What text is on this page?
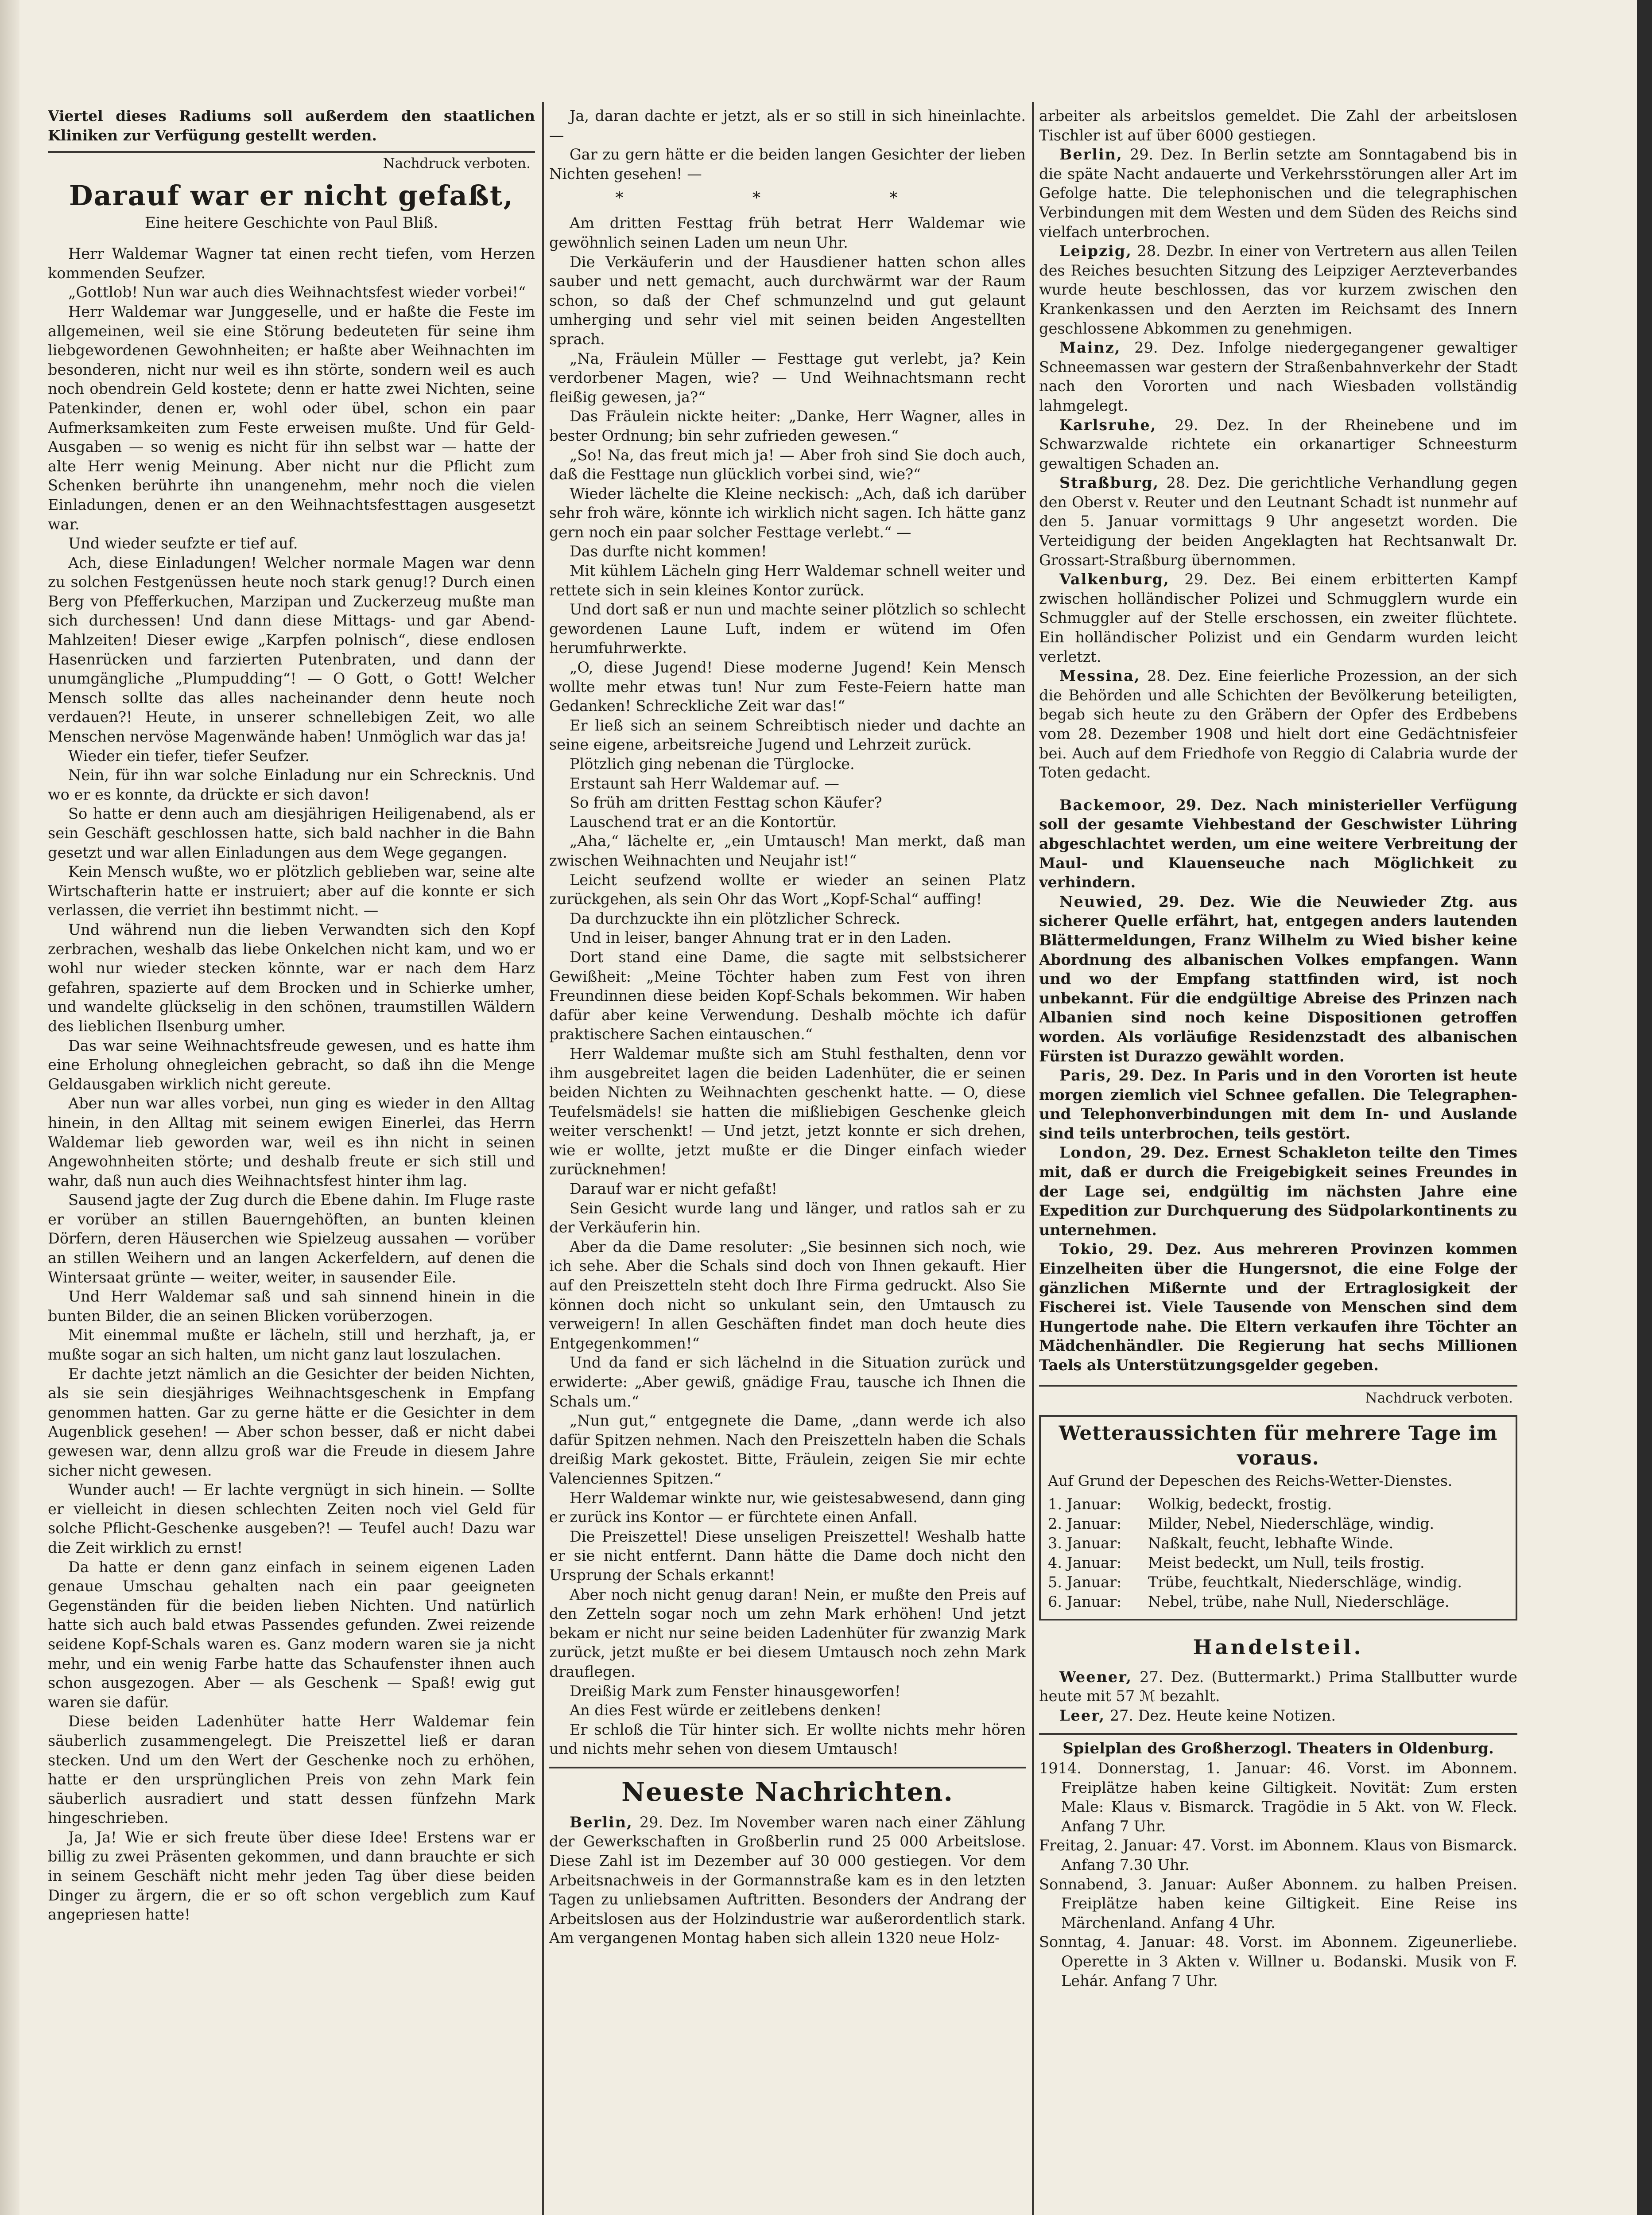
Viertel dieses Radiums soll außerdem den staatlichen Kliniken zur Verfügung gestellt werden.

Nachdruck verboten.
Darauf war er nicht gefaßt,
Eine heitere Geschichte von Paul Bliß.

Herr Waldemar Wagner tat einen recht tiefen, vom Herzen kommenden Seufzer.

„Gottlob! Nun war auch dies Weihnachtsfest wieder vorbei!“

Herr Waldemar war Junggeselle, und er haßte die Feste im allgemeinen, weil sie eine Störung bedeuteten für seine ihm liebgewordenen Gewohnheiten; er haßte aber Weihnachten im besonderen, nicht nur weil es ihn störte, sondern weil es auch noch obendrein Geld kostete; denn er hatte zwei Nichten, seine Patenkinder, denen er, wohl oder übel, schon ein paar Aufmerksamkeiten zum Feste erweisen mußte. Und für Geld-Ausgaben — so wenig es nicht für ihn selbst war — hatte der alte Herr wenig Meinung. Aber nicht nur die Pflicht zum Schenken berührte ihn unangenehm, mehr noch die vielen Einladungen, denen er an den Weihnachtsfesttagen ausgesetzt war.

Und wieder seufzte er tief auf.

Ach, diese Einladungen! Welcher normale Magen war denn zu solchen Festgenüssen heute noch stark genug!? Durch einen Berg von Pfefferkuchen, Marzipan und Zuckerzeug mußte man sich durchessen! Und dann diese Mittags- und gar Abend-Mahlzeiten! Dieser ewige „Karpfen polnisch“, diese endlosen Hasenrücken und farzierten Putenbraten, und dann der unumgängliche „Plumpudding“! — O Gott, o Gott! Welcher Mensch sollte das alles nacheinander denn heute noch verdauen?! Heute, in unserer schnellebigen Zeit, wo alle Menschen nervöse Magenwände haben! Unmöglich war das ja!

Wieder ein tiefer, tiefer Seufzer.

Nein, für ihn war solche Einladung nur ein Schrecknis. Und wo er es konnte, da drückte er sich davon!

So hatte er denn auch am diesjährigen Heiligenabend, als er sein Geschäft geschlossen hatte, sich bald nachher in die Bahn gesetzt und war allen Einladungen aus dem Wege gegangen.

Kein Mensch wußte, wo er plötzlich geblieben war, seine alte Wirtschafterin hatte er instruiert; aber auf die konnte er sich verlassen, die verriet ihn bestimmt nicht. —

Und während nun die lieben Verwandten sich den Kopf zerbrachen, weshalb das liebe Onkelchen nicht kam, und wo er wohl nur wieder stecken könnte, war er nach dem Harz gefahren, spazierte auf dem Brocken und in Schierke umher, und wandelte glückselig in den schönen, traumstillen Wäldern des lieblichen Ilsenburg umher.

Das war seine Weihnachtsfreude gewesen, und es hatte ihm eine Erholung ohnegleichen gebracht, so daß ihn die Menge Geldausgaben wirklich nicht gereute.

Aber nun war alles vorbei, nun ging es wieder in den Alltag hinein, in den Alltag mit seinem ewigen Einerlei, das Herrn Waldemar lieb geworden war, weil es ihn nicht in seinen Angewohnheiten störte; und deshalb freute er sich still und wahr, daß nun auch dies Weihnachtsfest hinter ihm lag.

Sausend jagte der Zug durch die Ebene dahin. Im Fluge raste er vorüber an stillen Bauerngehöften, an bunten kleinen Dörfern, deren Häuserchen wie Spielzeug aussahen — vorüber an stillen Weihern und an langen Ackerfeldern, auf denen die Wintersaat grünte — weiter, weiter, in sausender Eile.

Und Herr Waldemar saß und sah sinnend hinein in die bunten Bilder, die an seinen Blicken vorüberzogen.

Mit einemmal mußte er lächeln, still und herzhaft, ja, er mußte sogar an sich halten, um nicht ganz laut loszulachen.

Er dachte jetzt nämlich an die Gesichter der beiden Nichten, als sie sein diesjähriges Weihnachtsgeschenk in Empfang genommen hatten. Gar zu gerne hätte er die Gesichter in dem Augenblick gesehen! — Aber schon besser, daß er nicht dabei gewesen war, denn allzu groß war die Freude in diesem Jahre sicher nicht gewesen.

Wunder auch! — Er lachte vergnügt in sich hinein. — Sollte er vielleicht in diesen schlechten Zeiten noch viel Geld für solche Pflicht-Geschenke ausgeben?! — Teufel auch! Dazu war die Zeit wirklich zu ernst!

Da hatte er denn ganz einfach in seinem eigenen Laden genaue Umschau gehalten nach ein paar geeigneten Gegenständen für die beiden lieben Nichten. Und natürlich hatte sich auch bald etwas Passendes gefunden. Zwei reizende seidene Kopf-Schals waren es. Ganz modern waren sie ja nicht mehr, und ein wenig Farbe hatte das Schaufenster ihnen auch schon ausgezogen. Aber — als Geschenk — Spaß! ewig gut waren sie dafür.

Diese beiden Ladenhüter hatte Herr Waldemar fein säuberlich zusammengelegt. Die Preiszettel ließ er daran stecken. Und um den Wert der Geschenke noch zu erhöhen, hatte er den ursprünglichen Preis von zehn Mark fein säuberlich ausradiert und statt dessen fünfzehn Mark hingeschrieben.

Ja, Ja! Wie er sich freute über diese Idee! Erstens war er billig zu zwei Präsenten gekommen, und dann brauchte er sich in seinem Geschäft nicht mehr jeden Tag über diese beiden Dinger zu ärgern, die er so oft schon vergeblich zum Kauf angepriesen hatte!

Ja, daran dachte er jetzt, als er so still in sich hineinlachte. —

Gar zu gern hätte er die beiden langen Gesichter der lieben Nichten gesehen! —

* * *

Am dritten Festtag früh betrat Herr Waldemar wie gewöhnlich seinen Laden um neun Uhr.

Die Verkäuferin und der Hausdiener hatten schon alles sauber und nett gemacht, auch durchwärmt war der Raum schon, so daß der Chef schmunzelnd und gut gelaunt umherging und sehr viel mit seinen beiden Angestellten sprach.

„Na, Fräulein Müller — Festtage gut verlebt, ja? Kein verdorbener Magen, wie? — Und Weihnachtsmann recht fleißig gewesen, ja?“

Das Fräulein nickte heiter: „Danke, Herr Wagner, alles in bester Ordnung; bin sehr zufrieden gewesen.“

„So! Na, das freut mich ja! — Aber froh sind Sie doch auch, daß die Festtage nun glücklich vorbei sind, wie?“

Wieder lächelte die Kleine neckisch: „Ach, daß ich darüber sehr froh wäre, könnte ich wirklich nicht sagen. Ich hätte ganz gern noch ein paar solcher Festtage verlebt.“ —

Das durfte nicht kommen!

Mit kühlem Lächeln ging Herr Waldemar schnell weiter und rettete sich in sein kleines Kontor zurück.

Und dort saß er nun und machte seiner plötzlich so schlecht gewordenen Laune Luft, indem er wütend im Ofen herumfuhrwerkte.

„O, diese Jugend! Diese moderne Jugend! Kein Mensch wollte mehr etwas tun! Nur zum Feste-Feiern hatte man Gedanken! Schreckliche Zeit war das!“

Er ließ sich an seinem Schreibtisch nieder und dachte an seine eigene, arbeitsreiche Jugend und Lehrzeit zurück.

Plötzlich ging nebenan die Türglocke.

Erstaunt sah Herr Waldemar auf. —

So früh am dritten Festtag schon Käufer?

Lauschend trat er an die Kontortür.

„Aha,“ lächelte er, „ein Umtausch! Man merkt, daß man zwischen Weihnachten und Neujahr ist!“

Leicht seufzend wollte er wieder an seinen Platz zurückgehen, als sein Ohr das Wort „Kopf-Schal“ auffing!

Da durchzuckte ihn ein plötzlicher Schreck.

Und in leiser, banger Ahnung trat er in den Laden.

Dort stand eine Dame, die sagte mit selbstsicherer Gewißheit: „Meine Töchter haben zum Fest von ihren Freundinnen diese beiden Kopf-Schals bekommen. Wir haben dafür aber keine Verwendung. Deshalb möchte ich dafür praktischere Sachen eintauschen.“

Herr Waldemar mußte sich am Stuhl festhalten, denn vor ihm ausgebreitet lagen die beiden Ladenhüter, die er seinen beiden Nichten zu Weihnachten geschenkt hatte. — O, diese Teufelsmädels! sie hatten die mißliebigen Geschenke gleich weiter verschenkt! — Und jetzt, jetzt konnte er sich drehen, wie er wollte, jetzt mußte er die Dinger einfach wieder zurücknehmen!

Darauf war er nicht gefaßt!

Sein Gesicht wurde lang und länger, und ratlos sah er zu der Verkäuferin hin.

Aber da die Dame resoluter: „Sie besinnen sich noch, wie ich sehe. Aber die Schals sind doch von Ihnen gekauft. Hier auf den Preiszetteln steht doch Ihre Firma gedruckt. Also Sie können doch nicht so unkulant sein, den Umtausch zu verweigern! In allen Geschäften findet man doch heute dies Entgegenkommen!“

Und da fand er sich lächelnd in die Situation zurück und erwiderte: „Aber gewiß, gnädige Frau, tausche ich Ihnen die Schals um.“

„Nun gut,“ entgegnete die Dame, „dann werde ich also dafür Spitzen nehmen. Nach den Preiszetteln haben die Schals dreißig Mark gekostet. Bitte, Fräulein, zeigen Sie mir echte Valenciennes Spitzen.“

Herr Waldemar winkte nur, wie geistesabwesend, dann ging er zurück ins Kontor — er fürchtete einen Anfall.

Die Preiszettel! Diese unseligen Preiszettel! Weshalb hatte er sie nicht entfernt. Dann hätte die Dame doch nicht den Ursprung der Schals erkannt!

Aber noch nicht genug daran! Nein, er mußte den Preis auf den Zetteln sogar noch um zehn Mark erhöhen! Und jetzt bekam er nicht nur seine beiden Ladenhüter für zwanzig Mark zurück, jetzt mußte er bei diesem Umtausch noch zehn Mark drauflegen.

Dreißig Mark zum Fenster hinausgeworfen!

An dies Fest würde er zeitlebens denken!

Er schloß die Tür hinter sich. Er wollte nichts mehr hören und nichts mehr sehen von diesem Umtausch!

Neueste Nachrichten.

Berlin, 29. Dez. Im November waren nach einer Zählung der Gewerkschaften in Großberlin rund 25 000 Arbeitslose. Diese Zahl ist im Dezember auf 30 000 gestiegen. Vor dem Arbeitsnachweis in der Gormannstraße kam es in den letzten Tagen zu unliebsamen Auftritten. Besonders der Andrang der Arbeitslosen aus der Holzindustrie war außerordentlich stark. Am vergangenen Montag haben sich allein 1320 neue Holz-

arbeiter als arbeitslos gemeldet. Die Zahl der arbeitslosen Tischler ist auf über 6000 gestiegen.

Berlin, 29. Dez. In Berlin setzte am Sonntagabend bis in die späte Nacht andauerte und Verkehrsstörungen aller Art im Gefolge hatte. Die telephonischen und die telegraphischen Verbindungen mit dem Westen und dem Süden des Reichs sind vielfach unterbrochen.

Leipzig, 28. Dezbr. In einer von Vertretern aus allen Teilen des Reiches besuchten Sitzung des Leipziger Aerzteverbandes wurde heute beschlossen, das vor kurzem zwischen den Krankenkassen und den Aerzten im Reichsamt des Innern geschlossene Abkommen zu genehmigen.

Mainz, 29. Dez. Infolge niedergegangener gewaltiger Schneemassen war gestern der Straßenbahnverkehr der Stadt nach den Vororten und nach Wiesbaden vollständig lahmgelegt.

Karlsruhe, 29. Dez. In der Rheinebene und im Schwarzwalde richtete ein orkanartiger Schneesturm gewaltigen Schaden an.

Straßburg, 28. Dez. Die gerichtliche Verhandlung gegen den Oberst v. Reuter und den Leutnant Schadt ist nunmehr auf den 5. Januar vormittags 9 Uhr angesetzt worden. Die Verteidigung der beiden Angeklagten hat Rechtsanwalt Dr. Grossart-Straßburg übernommen.

Valkenburg, 29. Dez. Bei einem erbitterten Kampf zwischen holländischer Polizei und Schmugglern wurde ein Schmuggler auf der Stelle erschossen, ein zweiter flüchtete. Ein holländischer Polizist und ein Gendarm wurden leicht verletzt.

Messina, 28. Dez. Eine feierliche Prozession, an der sich die Behörden und alle Schichten der Bevölkerung beteiligten, begab sich heute zu den Gräbern der Opfer des Erdbebens vom 28. Dezember 1908 und hielt dort eine Gedächtnisfeier bei. Auch auf dem Friedhofe von Reggio di Calabria wurde der Toten gedacht.

Backemoor, 29. Dez. Nach ministerieller Verfügung soll der gesamte Viehbestand der Geschwister Lühring abgeschlachtet werden, um eine weitere Verbreitung der Maul- und Klauenseuche nach Möglichkeit zu verhindern.

Neuwied, 29. Dez. Wie die Neuwieder Ztg. aus sicherer Quelle erfährt, hat, entgegen anders lautenden Blättermeldungen, Franz Wilhelm zu Wied bisher keine Abordnung des albanischen Volkes empfangen. Wann und wo der Empfang stattfinden wird, ist noch unbekannt. Für die endgültige Abreise des Prinzen nach Albanien sind noch keine Dispositionen getroffen worden. Als vorläufige Residenzstadt des albanischen Fürsten ist Durazzo gewählt worden.

Paris, 29. Dez. In Paris und in den Vororten ist heute morgen ziemlich viel Schnee gefallen. Die Telegraphen- und Telephonverbindungen mit dem In- und Auslande sind teils unterbrochen, teils gestört.

London, 29. Dez. Ernest Schakleton teilte den Times mit, daß er durch die Freigebigkeit seines Freundes in der Lage sei, endgültig im nächsten Jahre eine Expedition zur Durchquerung des Südpolarkontinents zu unternehmen.

Tokio, 29. Dez. Aus mehreren Provinzen kommen Einzelheiten über die Hungersnot, die eine Folge der gänzlichen Mißernte und der Ertraglosigkeit der Fischerei ist. Viele Tausende von Menschen sind dem Hungertode nahe. Die Eltern verkaufen ihre Töchter an Mädchenhändler. Die Regierung hat sechs Millionen Taels als Unterstützungsgelder gegeben.

Nachdruck verboten.
Wetteraussichten für mehrere Tage im voraus.
Auf Grund der Depeschen des Reichs-Wetter-Dienstes.
1. Januar:	Wolkig, bedeckt, frostig.
2. Januar:	Milder, Nebel, Niederschläge, windig.
3. Januar:	Naßkalt, feucht, lebhafte Winde.
4. Januar:	Meist bedeckt, um Null, teils frostig.
5. Januar:	Trübe, feuchtkalt, Niederschläge, windig.
6. Januar:	Nebel, trübe, nahe Null, Niederschläge.
Handelsteil.

Weener, 27. Dez. (Buttermarkt.) Prima Stallbutter wurde heute mit 57 ℳ bezahlt.

Leer, 27. Dez. Heute keine Notizen.

Spielplan des Großherzogl. Theaters in Oldenburg.

1914. Donnerstag, 1. Januar: 46. Vorst. im Abonnem. Freiplätze haben keine Giltigkeit. Novität: Zum ersten Male: Klaus v. Bismarck. Tragödie in 5 Akt. von W. Fleck. Anfang 7 Uhr.

Freitag, 2. Januar: 47. Vorst. im Abonnem. Klaus von Bismarck. Anfang 7.30 Uhr.

Sonnabend, 3. Januar: Außer Abonnem. zu halben Preisen. Freiplätze haben keine Giltigkeit. Eine Reise ins Märchenland. Anfang 4 Uhr.

Sonntag, 4. Januar: 48. Vorst. im Abonnem. Zigeunerliebe. Operette in 3 Akten v. Willner u. Bodanski. Musik von F. Lehár. Anfang 7 Uhr.
